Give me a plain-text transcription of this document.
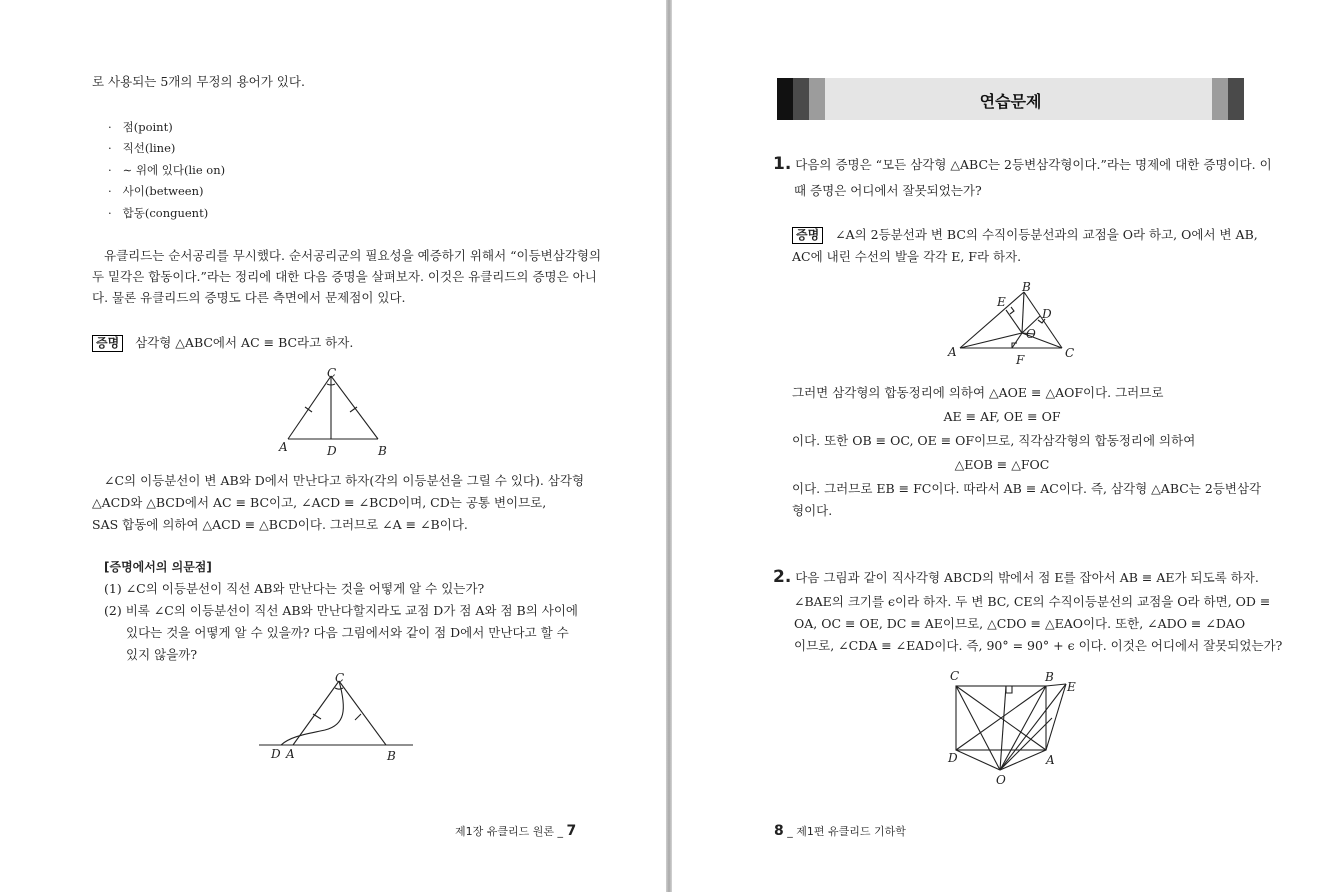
로 사용되는 5개의 무정의 용어가 있다.
·   점(point)
·   직선(line)
·   ∼ 위에 있다(lie on)
·   사이(between)
·   합동(conguent)
유클리드는 순서공리를 무시했다. 순서공리군의 필요성을 예증하기 위해서 “이등변삼각형의
두 밑각은 합동이다.”라는 정리에 대한 다음 증명을 살펴보자. 이것은 유클리드의 증명은 아니
다. 물론 유클리드의 증명도 다른 측면에서 문제점이 있다.
증명 삼각형 △ABC에서 AC ≡ BC라고 하자.
C
A	D	B
∠C의 이등분선이 변 AB와 D에서 만난다고 하자(각의 이등분선을 그릴 수 있다). 삼각형
△ACD와 △BCD에서 AC ≡ BC이고, ∠ACD ≡ ∠BCD이며, CD는 공통 변이므로,
SAS 합동에 의하여 △ACD ≡ △BCD이다. 그러므로 ∠A ≡ ∠B이다.
[증명에서의 의문점]
(1) ∠C의 이등분선이 직선 AB와 만난다는 것을 어떻게 알 수 있는가?
(2) 비록 ∠C의 이등분선이 직선 AB와 만난다할지라도 교점 D가 점 A와 점 B의 사이에
있다는 것을 어떻게 알 수 있을까? 다음 그림에서와 같이 점 D에서 만난다고 할 수
있지 않을까?
C
D A	B
제1장 유클리드 원론 _ 7
연습문제
1. 다음의 증명은 “모든 삼각형 △ABC는 2등변삼각형이다.”라는 명제에 대한 증명이다. 이
때 증명은 어디에서 잘못되었는가?
증명 ∠A의 2등분선과 변 BC의 수직이등분선과의 교점을 O라 하고, O에서 변 AB,
AC에 내린 수선의 발을 각각 E, F라 하자.
B
E
D
O
A	C
F
그러면 삼각형의 합동정리에 의하여 △AOE ≡ △AOF이다. 그러므로
AE ≡ AF, OE ≡ OF
이다. 또한 OB ≡ OC, OE ≡ OF이므로, 직각삼각형의 합동정리에 의하여
△EOB ≡ △FOC
이다. 그러므로 EB ≡ FC이다. 따라서 AB ≡ AC이다. 즉, 삼각형 △ABC는 2등변삼각
형이다.
2. 다음 그림과 같이 직사각형 ABCD의 밖에서 점 E를 잡아서 AB ≡ AE가 되도록 하자.
∠BAE의 크기를 ϵ이라 하자. 두 변 BC, CE의 수직이등분선의 교점을 O라 하면, OD ≡
OA, OC ≡ OE, DC ≡ AE이므로, △CDO ≡ △EAO이다. 또한, ∠ADO ≡ ∠DAO
이므로, ∠CDA ≡ ∠EAD이다. 즉, 90° = 90° + ϵ 이다. 이것은 어디에서 잘못되었는가?
C	B
E
D	A
O
8 _ 제1편 유클리드 기하학
